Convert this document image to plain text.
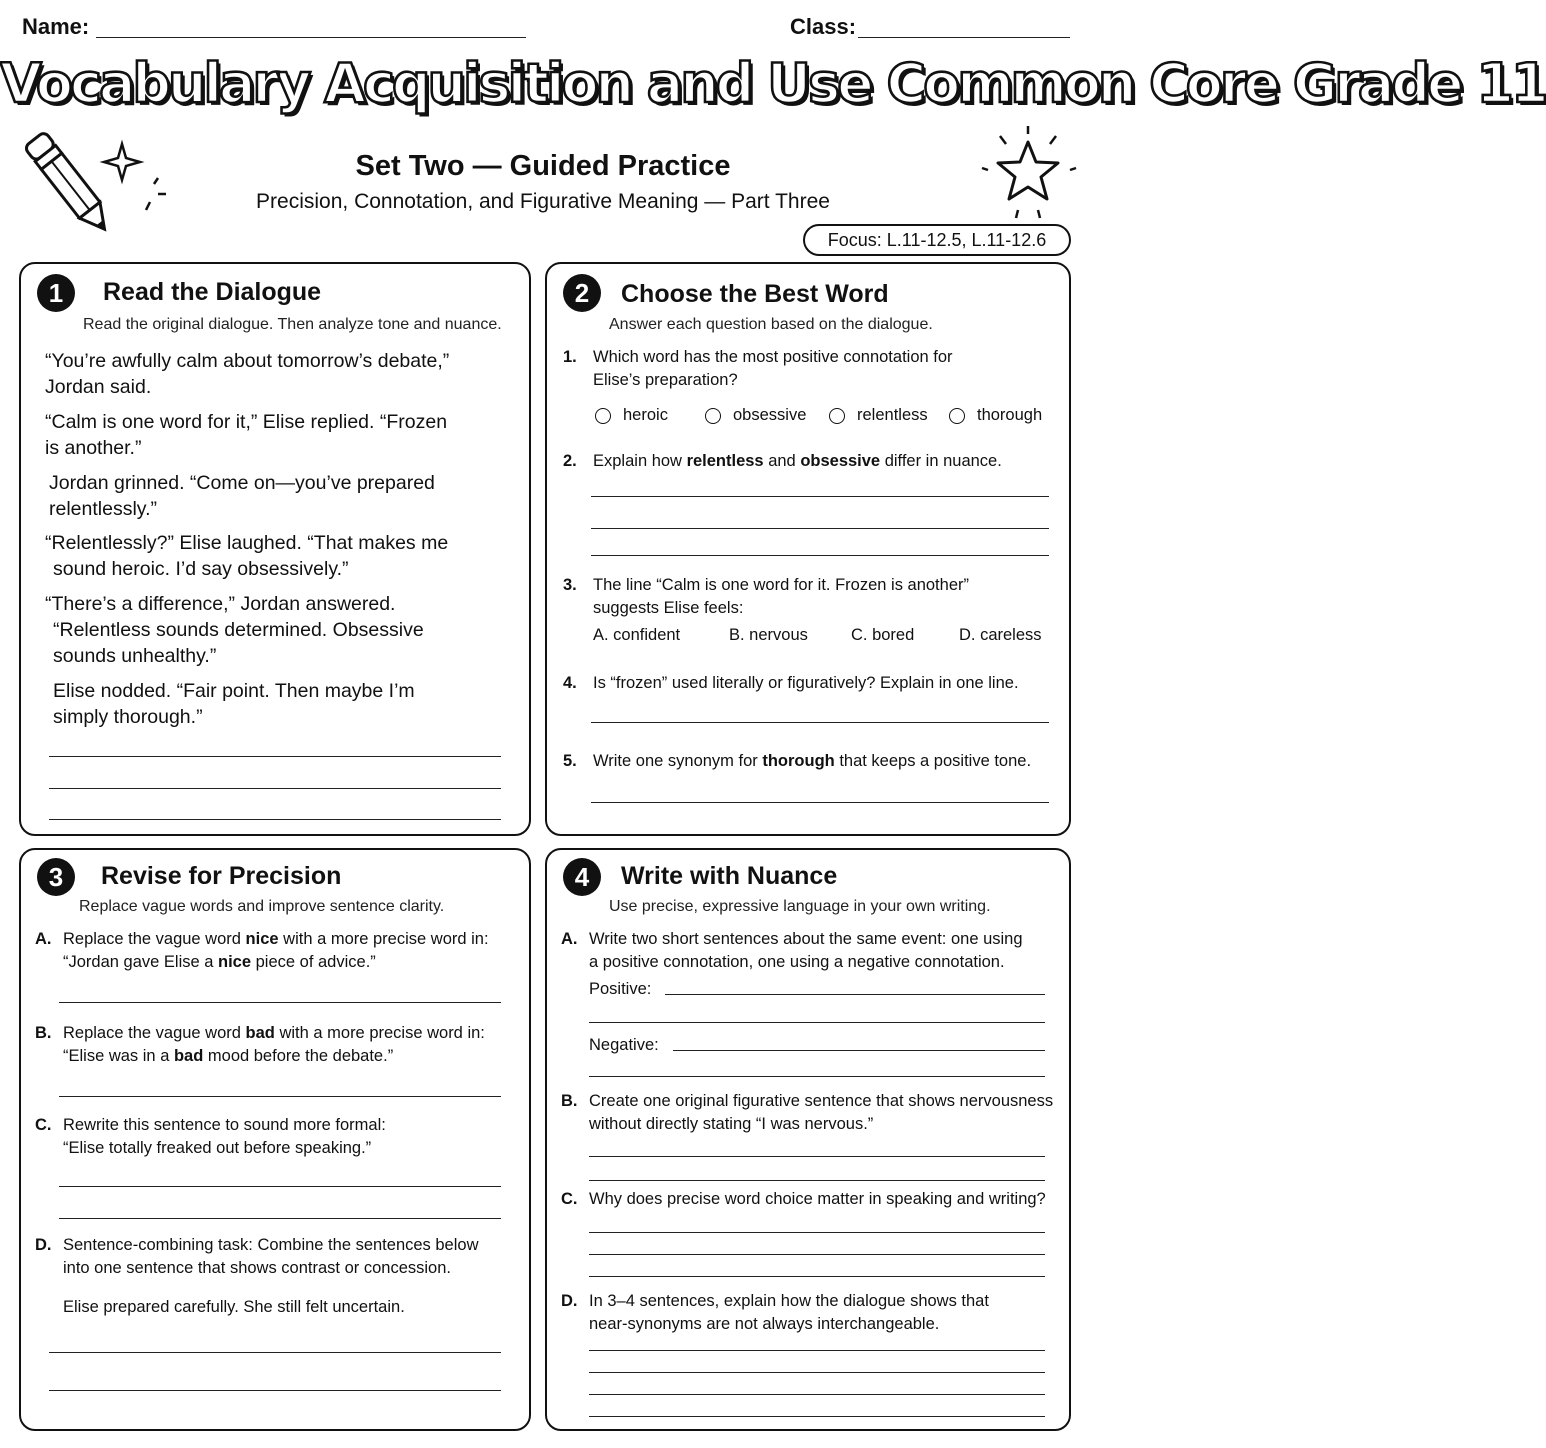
Name:	Class:
Vocabulary Acquisition and Use Common Core Grade 11
Set Two — Guided Practice
Precision, Connotation, and Figurative Meaning — Part Three
Focus: L.11-12.5, L.11-12.6
1	Read the Dialogue
Read the original dialogue. Then analyze tone and nuance.
“You’re awfully calm about tomorrow’s debate,”
Jordan said.
“Calm is one word for it,” Elise replied. “Frozen
is another.”
Jordan grinned. “Come on—you’ve prepared
relentlessly.”
“Relentlessly?” Elise laughed. “That makes me
sound heroic. I’d say obsessively.”
“There’s a difference,” Jordan answered.
“Relentless sounds determined. Obsessive
sounds unhealthy.”
Elise nodded. “Fair point. Then maybe I’m
simply thorough.”
2	Choose the Best Word
Answer each question based on the dialogue.
1. Which word has the most positive connotation for
Elise’s preparation?
heroic	obsessive	relentless	thorough
2. Explain how relentless and obsessive differ in nuance.
3. The line “Calm is one word for it. Frozen is another”
suggests Elise feels:
A. confident	B. nervous	C. bored	D. careless
4. Is “frozen” used literally or figuratively? Explain in one line.
5. Write one synonym for thorough that keeps a positive tone.
3	Revise for Precision
Replace vague words and improve sentence clarity.
A. Replace the vague word nice with a more precise word in:
“Jordan gave Elise a nice piece of advice.”
B. Replace the vague word bad with a more precise word in:
“Elise was in a bad mood before the debate.”
C. Rewrite this sentence to sound more formal:
“Elise totally freaked out before speaking.”
D. Sentence-combining task: Combine the sentences below
into one sentence that shows contrast or concession.
Elise prepared carefully. She still felt uncertain.
4	Write with Nuance
Use precise, expressive language in your own writing.
A. Write two short sentences about the same event: one using
a positive connotation, one using a negative connotation.
Positive:
Negative:
B. Create one original figurative sentence that shows nervousness
without directly stating “I was nervous.”
C. Why does precise word choice matter in speaking and writing?
D. In 3–4 sentences, explain how the dialogue shows that
near-synonyms are not always interchangeable.
